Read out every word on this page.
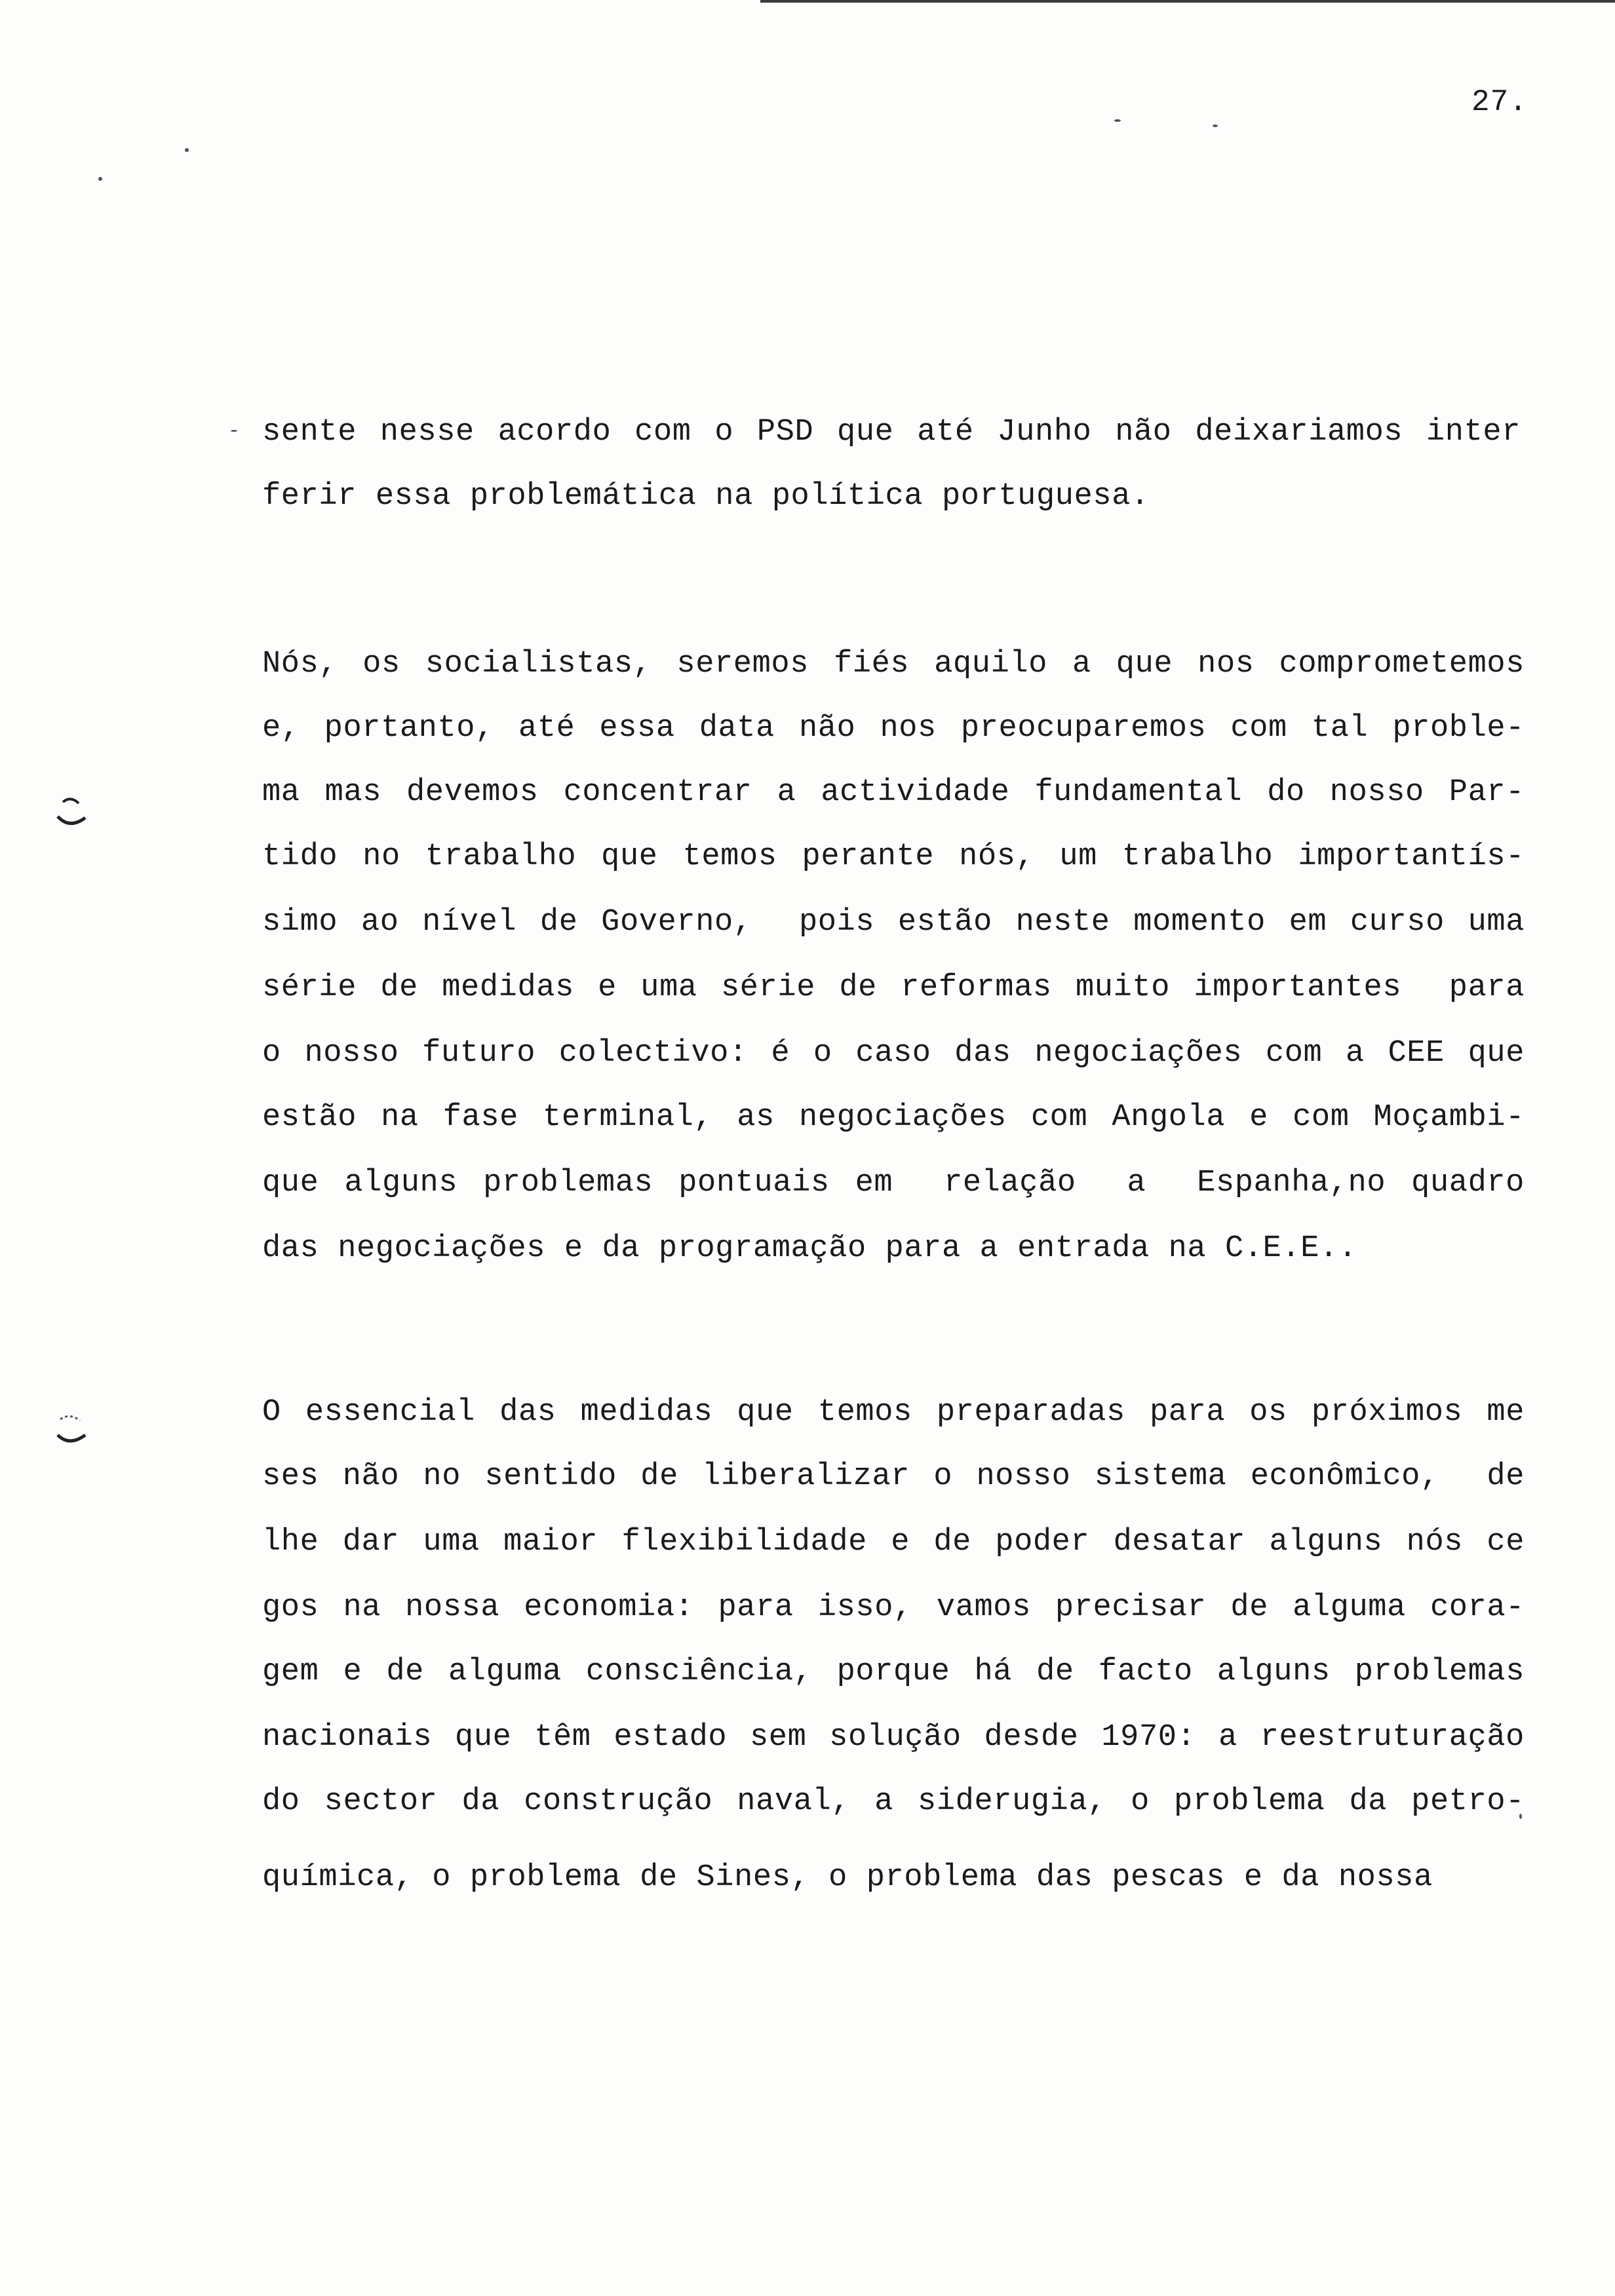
27.
sente nesse acordo com o PSD que até Junho não deixariamos inter
ferir essa problemática na política portuguesa.
Nós, os socialistas, seremos fiés aquilo a que nos comprometemos
e, portanto, até essa data não nos preocuparemos com tal proble-
ma mas devemos concentrar a actividade fundamental do nosso Par-
tido no trabalho que temos perante nós, um trabalho importantís-
simo ao nível de Governo,  pois estão neste momento em curso uma
série de medidas e uma série de reformas muito importantes  para
o nosso futuro colectivo: é o caso das negociações com a CEE que
estão na fase terminal, as negociações com Angola e com Moçambi-
que alguns problemas pontuais em  relação  a  Espanha,no quadro
das negociações e da programação para a entrada na C.E.E..
O essencial das medidas que temos preparadas para os próximos me
ses não no sentido de liberalizar o nosso sistema econômico,  de
lhe dar uma maior flexibilidade e de poder desatar alguns nós ce
gos na nossa economia: para isso, vamos precisar de alguma cora-
gem e de alguma consciência, porque há de facto alguns problemas
nacionais que têm estado sem solução desde 1970: a reestruturação
do sector da construção naval, a siderugia, o problema da petro-
química, o problema de Sines, o problema das pescas e da nossa
